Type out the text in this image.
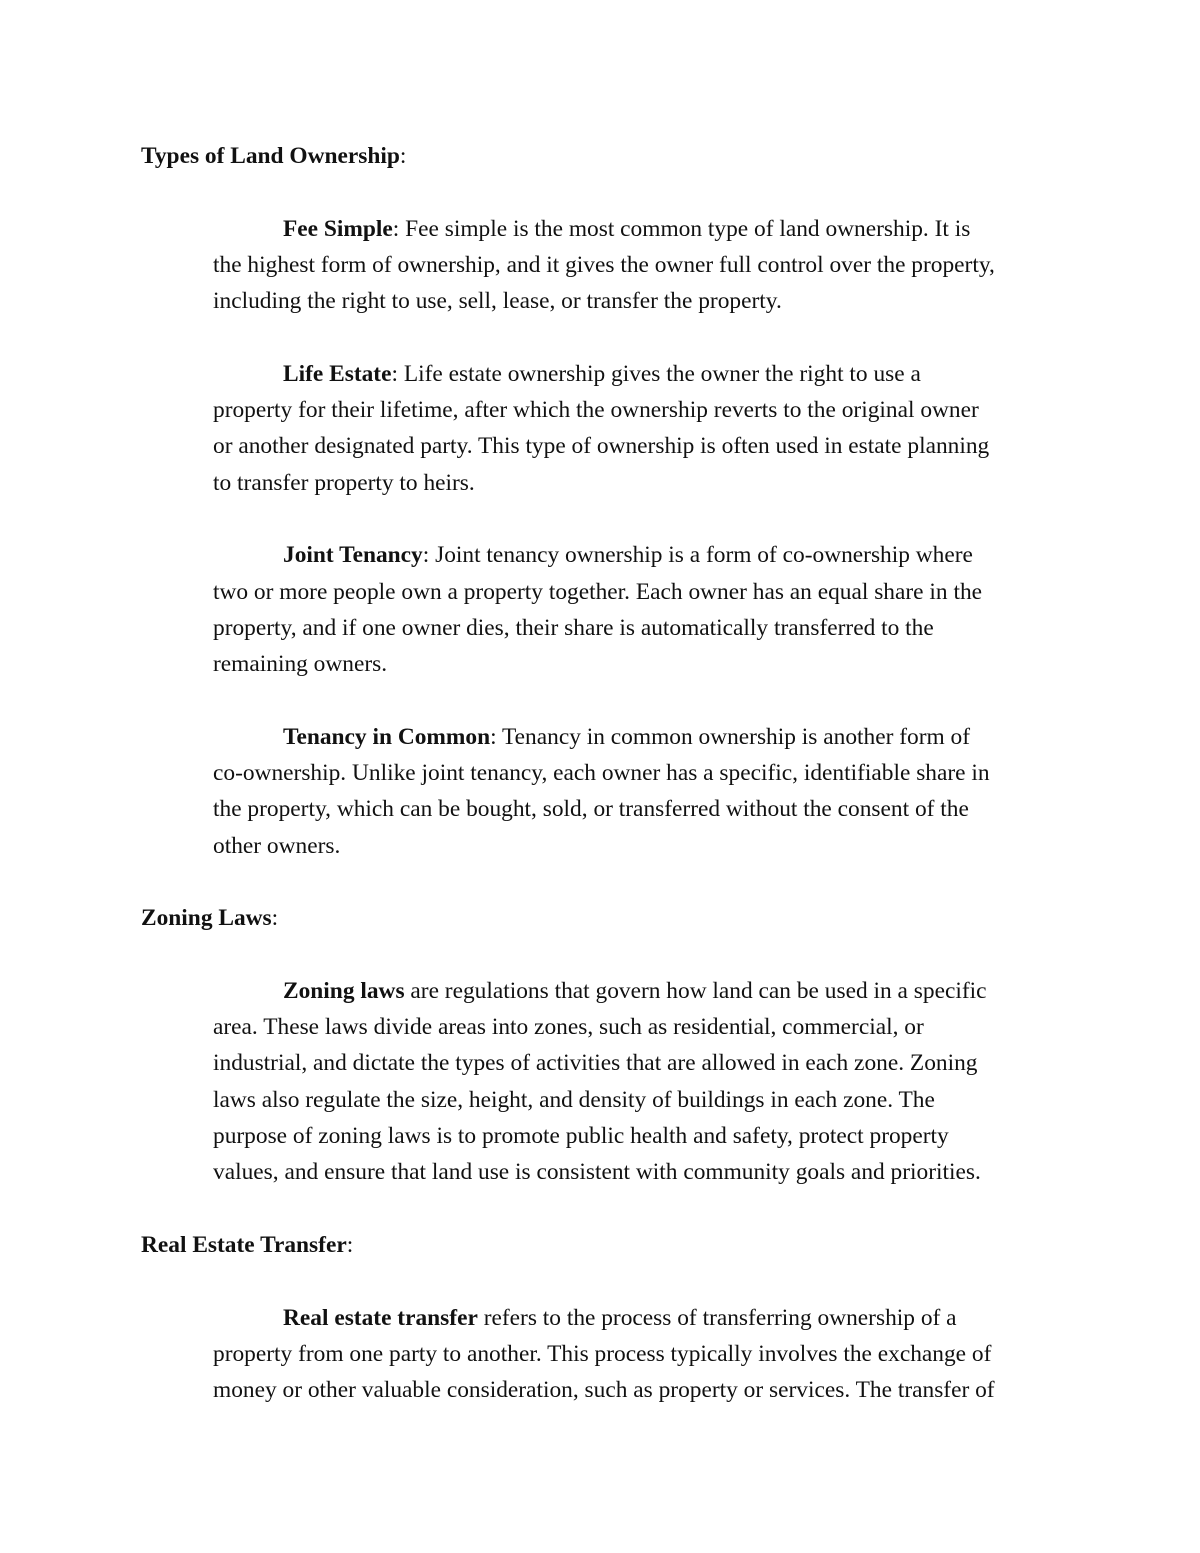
Types of Land Ownership:

Fee Simple: Fee simple is the most common type of land ownership. It is
the highest form of ownership, and it gives the owner full control over the property,
including the right to use, sell, lease, or transfer the property.

Life Estate: Life estate ownership gives the owner the right to use a
property for their lifetime, after which the ownership reverts to the original owner
or another designated party. This type of ownership is often used in estate planning
to transfer property to heirs.

Joint Tenancy: Joint tenancy ownership is a form of co-ownership where
two or more people own a property together. Each owner has an equal share in the
property, and if one owner dies, their share is automatically transferred to the
remaining owners.

Tenancy in Common: Tenancy in common ownership is another form of
co-ownership. Unlike joint tenancy, each owner has a specific, identifiable share in
the property, which can be bought, sold, or transferred without the consent of the
other owners.

Zoning Laws:

Zoning laws are regulations that govern how land can be used in a specific
area. These laws divide areas into zones, such as residential, commercial, or
industrial, and dictate the types of activities that are allowed in each zone. Zoning
laws also regulate the size, height, and density of buildings in each zone. The
purpose of zoning laws is to promote public health and safety, protect property
values, and ensure that land use is consistent with community goals and priorities.

Real Estate Transfer:

Real estate transfer refers to the process of transferring ownership of a
property from one party to another. This process typically involves the exchange of
money or other valuable consideration, such as property or services. The transfer of
